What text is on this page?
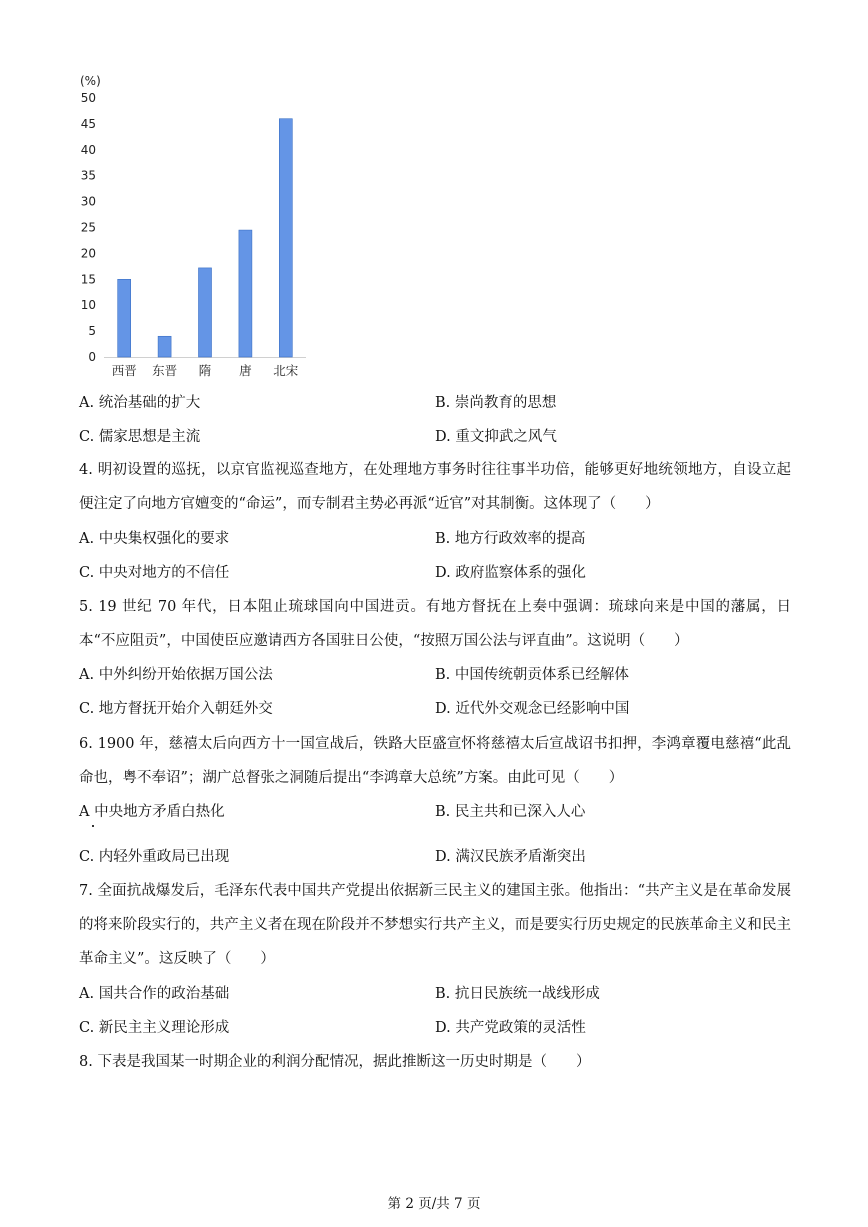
(%)
0
5
10
15
20
25
30
35
40
45
50
西晋 东晋 隋 唐 北宋
A. 统治基础的扩大	B. 崇尚教育的思想
C. 儒家思想是主流	D. 重文抑武之风气
4. 明初设置的巡抚，以京官监视巡查地方，在处理地方事务时往往事半功倍，能够更好地统领地方，自设立起便注定了向地方官嬗变的“命运”，而专制君主势必再派“近官”对其制衡。这体现了（　　）
A. 中央集权强化的要求	B. 地方行政效率的提高
C. 中央对地方的不信任	D. 政府监察体系的强化
5. 19 世纪 70 年代，日本阻止琉球国向中国进贡。有地方督抚在上奏中强调：琉球向来是中国的藩属，日本“不应阻贡”，中国使臣应邀请西方各国驻日公使，“按照万国公法与评直曲”。这说明（　　）
A. 中外纠纷开始依据万国公法	B. 中国传统朝贡体系已经解体
C. 地方督抚开始介入朝廷外交	D. 近代外交观念已经影响中国
6. 1900 年，慈禧太后向西方十一国宣战后，铁路大臣盛宣怀将慈禧太后宣战诏书扣押，李鸿章覆电慈禧“此乱命也，粤不奉诏”；湖广总督张之洞随后提出“李鸿章大总统”方案。由此可见（　　）
A 中央地方矛盾白热化	B. 民主共和已深入人心
C. 内轻外重政局已出现	D. 满汉民族矛盾渐突出
7. 全面抗战爆发后，毛泽东代表中国共产党提出依据新三民主义的建国主张。他指出：“共产主义是在革命发展的将来阶段实行的，共产主义者在现在阶段并不梦想实行共产主义，而是要实行历史规定的民族革命主义和民主革命主义”。这反映了（　　）
A. 国共合作的政治基础	B. 抗日民族统一战线形成
C. 新民主主义理论形成	D. 共产党政策的灵活性
8. 下表是我国某一时期企业的利润分配情况，据此推断这一历史时期是（　　）
第 2 页/共 7 页
